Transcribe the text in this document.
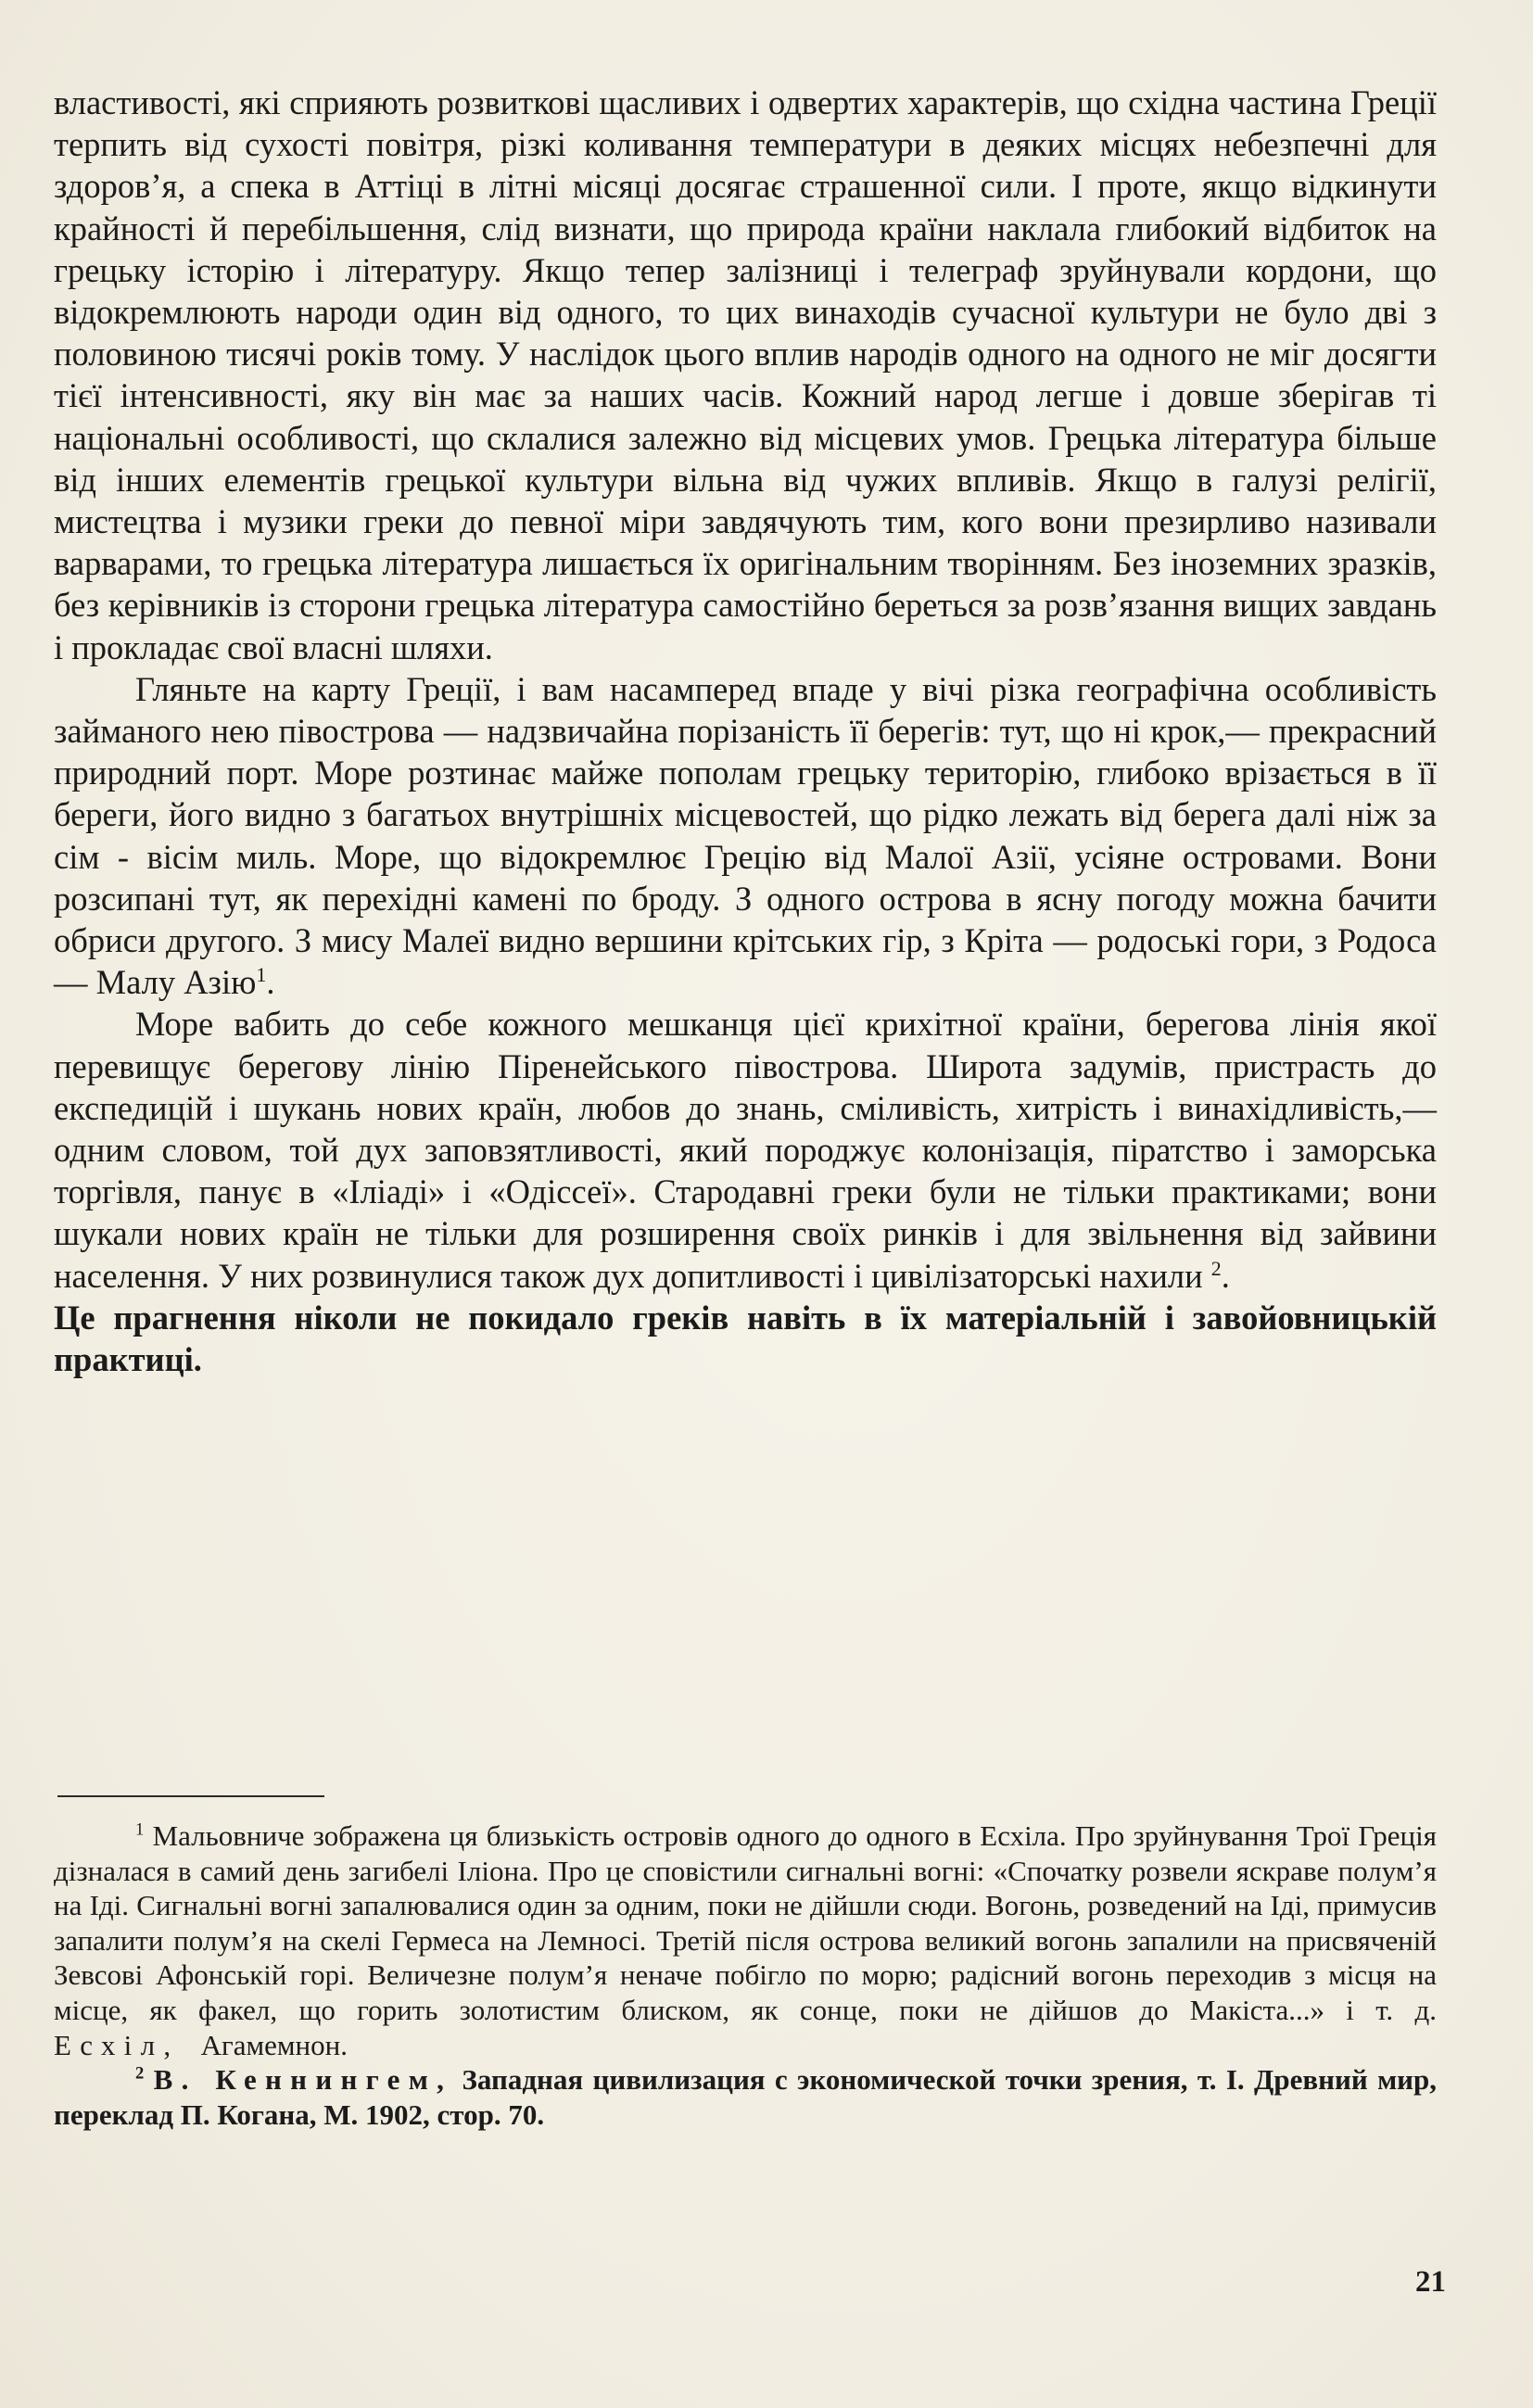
властивості, які сприяють розвиткові щасливих і одвертих характерів, що східна частина Греції терпить від сухості повітря, різкі коливання температури в деяких місцях небезпечні для здоров’я, а спека в Аттіці в літні місяці досягає страшенної сили. І проте, якщо відкинути крайності й перебільшення, слід визнати, що природа країни наклала глибокий відбиток на грецьку історію і літературу. Якщо тепер залізниці і телеграф зруйнували кордони, що відокремлюють народи один від одного, то цих винаходів сучасної культури не було дві з половиною тисячі років тому. У наслідок цього вплив народів одного на одного не міг досягти тієї інтенсивності, яку він має за наших часів. Кожний народ легше і довше зберігав ті національні особливості, що склалися залежно від місцевих умов. Грецька література більше від інших елементів грецької культури вільна від чужих впливів. Якщо в галузі релігії, мистецтва і музики греки до певної міри завдячують тим, кого вони презирливо називали варварами, то грецька література лишається їх оригінальним творінням. Без іноземних зразків, без керівників із сторони грецька література самостійно береться за розв’язання вищих завдань і прокладає свої власні шляхи.

Гляньте на карту Греції, і вам насамперед впаде у вічі різка географічна особливість займаного нею півострова — надзвичайна порізаність її берегів: тут, що ні крок,— прекрасний природний порт. Море розтинає майже пополам грецьку територію, глибоко врізається в її береги, його видно з багатьох внутрішніх місцевостей, що рідко лежать від берега далі ніж за сім - вісім миль. Море, що відокремлює Грецію від Малої Азії, усіяне островами. Вони розсипані тут, як перехідні камені по броду. З одного острова в ясну погоду можна бачити обриси другого. З мису Малеї видно вершини крітських гір, з Кріта — родоські гори, з Родоса — Малу Азію$^1$.

Море вабить до себе кожного мешканця цієї крихітної країни, берегова лінія якої перевищує берегову лінію Піренейського півострова. Широта задумів, пристрасть до експедицій і шукань нових країн, любов до знань, сміливість, хитрість і винахідливість,— одним словом, той дух заповзятливості, який породжує колонізація, піратство і заморська торгівля, панує в «Іліаді» і «Одіссеї». Стародавні греки були не тільки практиками; вони шукали нових країн не тільки для розширення своїх ринків і для звільнення від зайвини населення. У них розвинулися також дух допитливості і цивілізаторські нахили $^2$.

Це прагнення ніколи не покидало греків навіть в їх матеріальній і завойовницькій практиці.

$^1$ Мальовниче зображена ця близькість островів одного до одного в Есхіла. Про зруйнування Трої Греція дізналася в самий день загибелі Іліона. Про це сповістили сигнальні вогні: «Спочатку розвели яскраве полум’я на Іді. Сигнальні вогні запалювалися один за одним, поки не дійшли сюди. Вогонь, розведений на Іді, примусив запалити полум’я на скелі Гермеса на Лемносі. Третій після острова великий вогонь запалили на присвяченій Зевсові Афонській горі. Величезне полум’я неначе побігло по морю; радісний вогонь переходив з місця на місце, як факел, що горить золотистим блиском, як сонце, поки не дійшов до Макіста...» і т. д. Есхіл, Агамемнон.

$^2$ В. Кеннингем, Западная цивилизация с экономической точки зрения, т. I. Древний мир, переклад П. Когана, М. 1902, стор. 70.

21
